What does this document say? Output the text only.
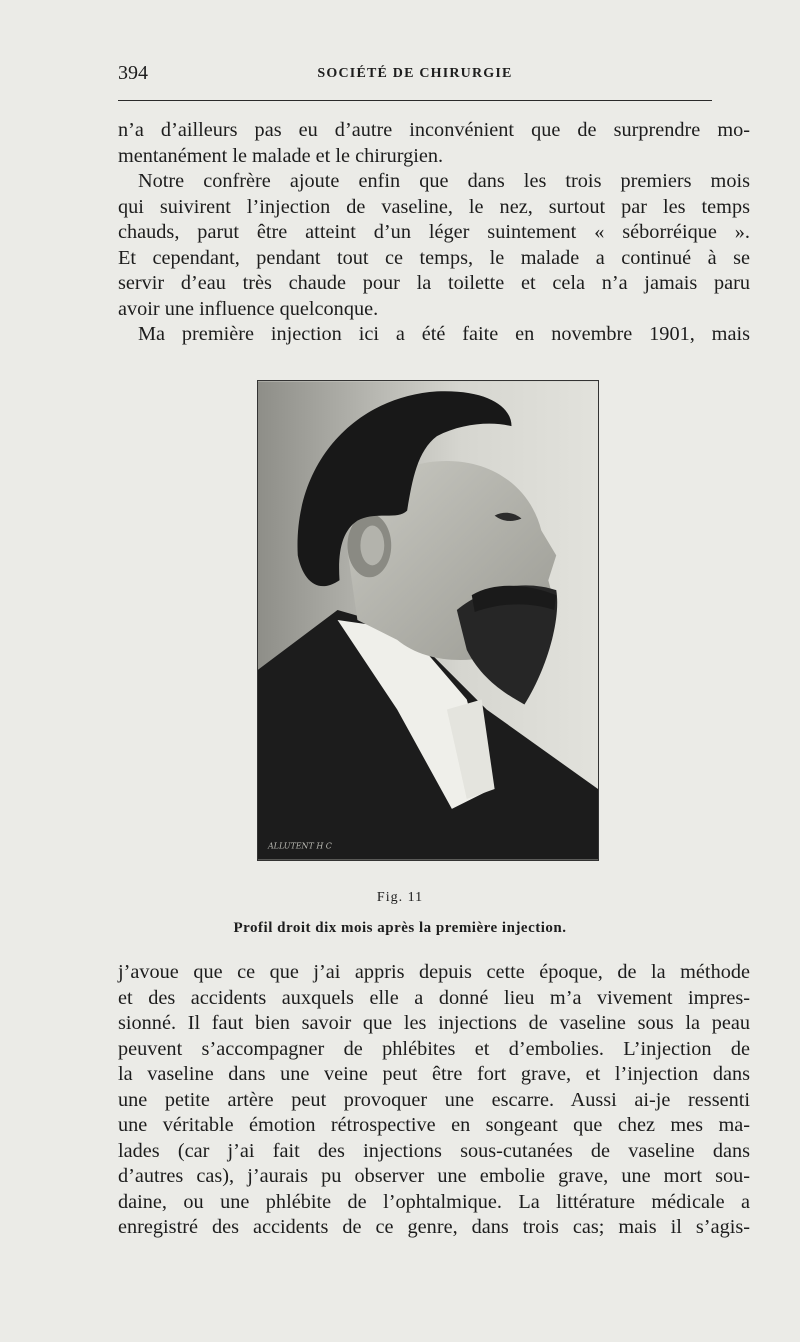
394	SOCIÉTÉ DE CHIRURGIE
n’a d’ailleurs pas eu d’autre inconvénient que de surprendre mo-
mentanément le malade et le chirurgien.
Notre confrère ajoute enfin que dans les trois premiers mois
qui suivirent l’injection de vaseline, le nez, surtout par les temps
chauds, parut être atteint d’un léger suintement « séborréique ».
Et cependant, pendant tout ce temps, le malade a continué à se
servir d’eau très chaude pour la toilette et cela n’a jamais paru
avoir une influence quelconque.
Ma première injection ici a été faite en novembre 1901, mais
ALLUTENT H C
Fig. 11
Profil droit dix mois après la première injection.
j’avoue que ce que j’ai appris depuis cette époque, de la méthode
et des accidents auxquels elle a donné lieu m’a vivement impres-
sionné. Il faut bien savoir que les injections de vaseline sous la peau
peuvent s’accompagner de phlébites et d’embolies. L’injection de
la vaseline dans une veine peut être fort grave, et l’injection dans
une petite artère peut provoquer une escarre. Aussi ai-je ressenti
une véritable émotion rétrospective en songeant que chez mes ma-
lades (car j’ai fait des injections sous-cutanées de vaseline dans
d’autres cas), j’aurais pu observer une embolie grave, une mort sou-
daine, ou une phlébite de l’ophtalmique. La littérature médicale a
enregistré des accidents de ce genre, dans trois cas; mais il s’agis-
